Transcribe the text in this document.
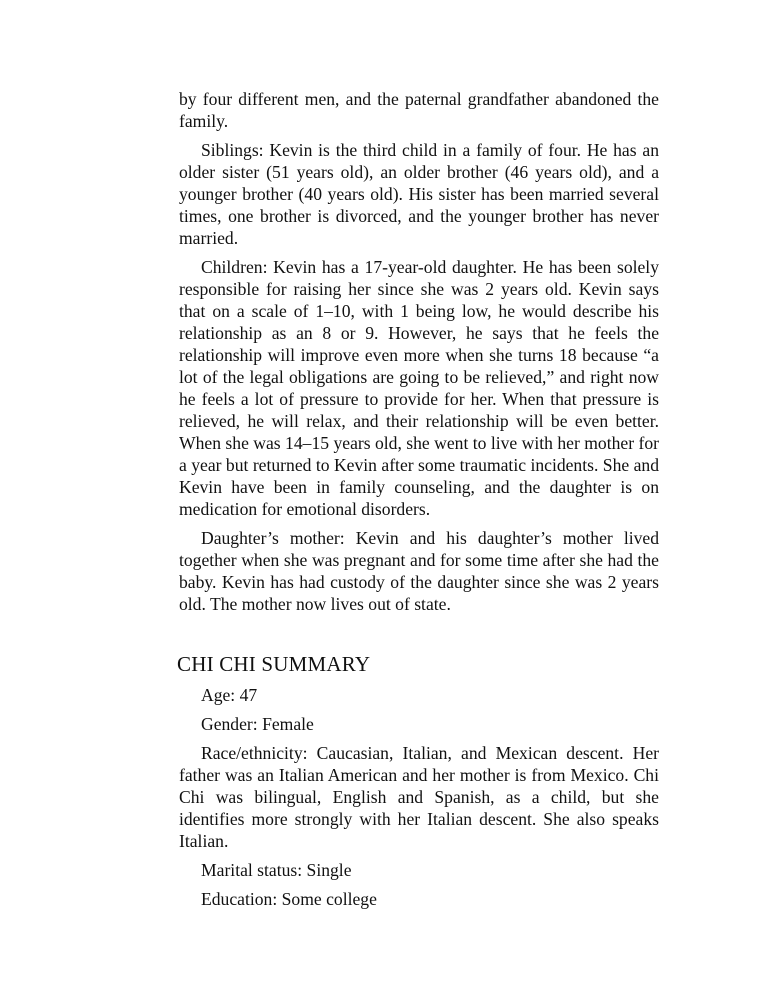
by four different men, and the paternal grandfather abandoned the family.

Siblings: Kevin is the third child in a family of four. He has an older sister (51 years old), an older brother (46 years old), and a younger brother (40 years old). His sister has been married several times, one brother is divorced, and the younger brother has never married.

Children: Kevin has a 17-year-old daughter. He has been solely responsible for raising her since she was 2 years old. Kevin says that on a scale of 1–10, with 1 being low, he would describe his relationship as an 8 or 9. However, he says that he feels the relationship will improve even more when she turns 18 because “a lot of the legal obligations are going to be relieved,” and right now he feels a lot of pressure to provide for her. When that pressure is relieved, he will relax, and their relationship will be even better. When she was 14–15 years old, she went to live with her mother for a year but returned to Kevin after some traumatic incidents. She and Kevin have been in family counseling, and the daughter is on medication for emotional disorders.

Daughter’s mother: Kevin and his daughter’s mother lived together when she was pregnant and for some time after she had the baby. Kevin has had custody of the daughter since she was 2 years old. The mother now lives out of state.

CHI CHI SUMMARY

Age: 47

Gender: Female

Race/ethnicity: Caucasian, Italian, and Mexican descent. Her father was an Italian American and her mother is from Mexico. Chi Chi was bilingual, English and Spanish, as a child, but she identifies more strongly with her Italian descent. She also speaks Italian.

Marital status: Single

Education: Some college
